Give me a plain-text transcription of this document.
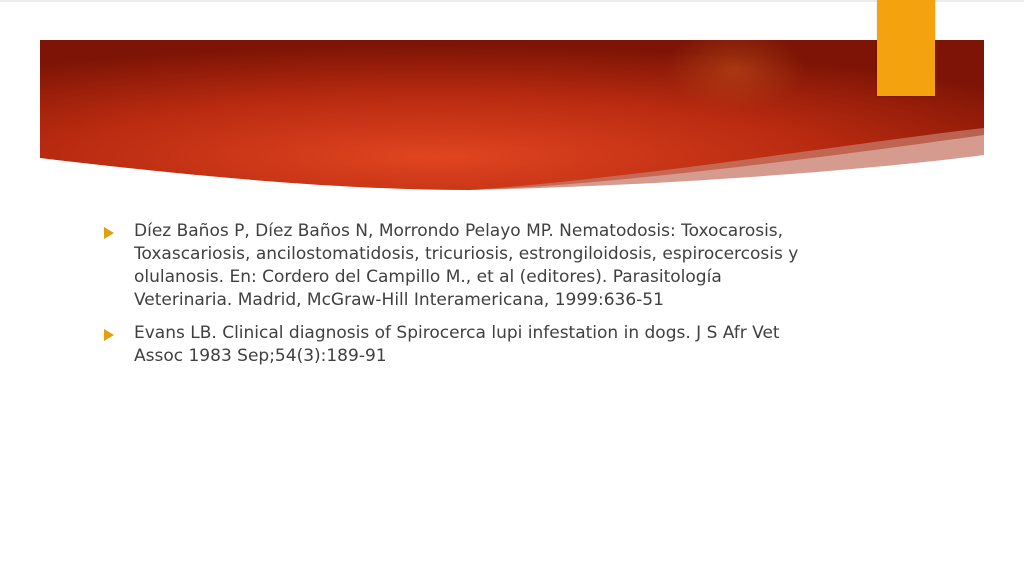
Díez Baños P, Díez Baños N, Morrondo Pelayo MP. Nematodosis: Toxocarosis, Toxascariosis, ancilostomatidosis, tricuriosis, estrongiloidosis, espirocercosis y olulanosis. En: Cordero del Campillo M., et al (editores). Parasitología Veterinaria. Madrid, McGraw-Hill Interamericana, 1999:636-51
Evans LB. Clinical diagnosis of Spirocerca lupi infestation in dogs. J S Afr Vet Assoc 1983 Sep;54(3):189-91
